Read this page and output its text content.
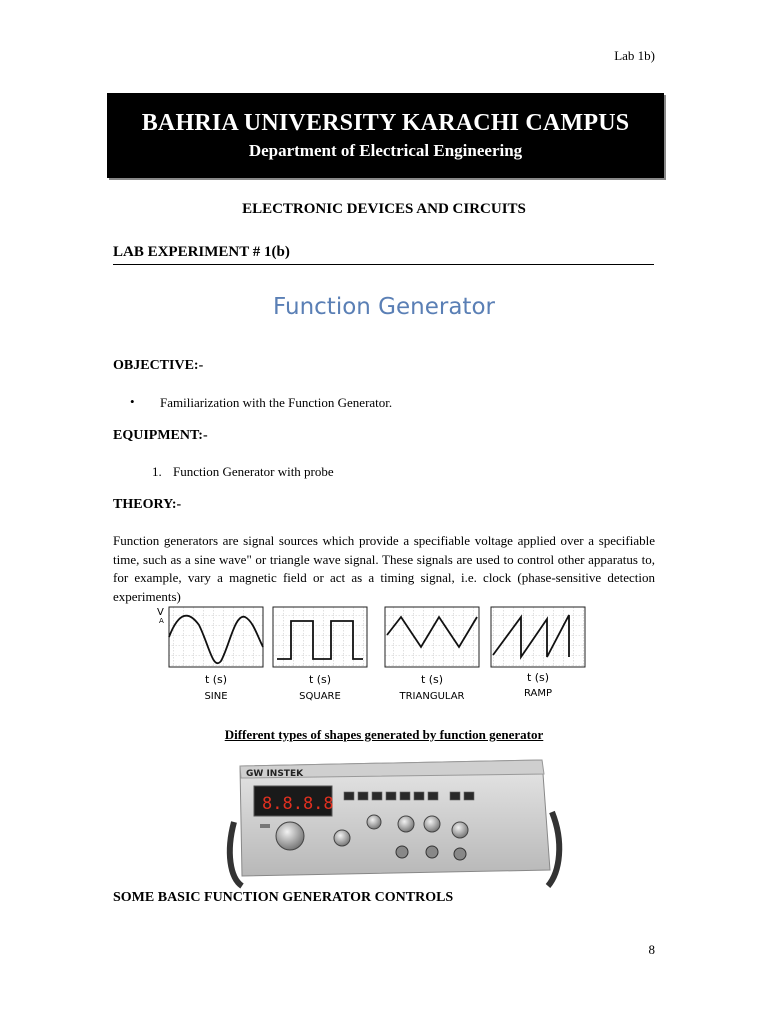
Lab 1b)
BAHRIA UNIVERSITY KARACHI CAMPUS
Department of Electrical Engineering
ELECTRONIC DEVICES AND CIRCUITS
LAB EXPERIMENT # 1(b)
Function Generator
OBJECTIVE:-
• Familiarization with the Function Generator.
EQUIPMENT:-
1. Function Generator with probe
THEORY:-
Function generators are signal sources which provide a specifiable voltage applied over a specifiable time, such as a sine wave" or triangle wave signal. These signals are used to control other apparatus to, for example, vary a magnetic field or act as a timing signal, i.e. clock (phase-sensitive detection experiments)
V
A
t (s)
SINE
t (s)
SQUARE
t (s)
TRIANGULAR
t (s)
RAMP
Different types of shapes generated by function generator
GW INSTEK
8.8.8.8
SOME BASIC FUNCTION GENERATOR CONTROLS
8
